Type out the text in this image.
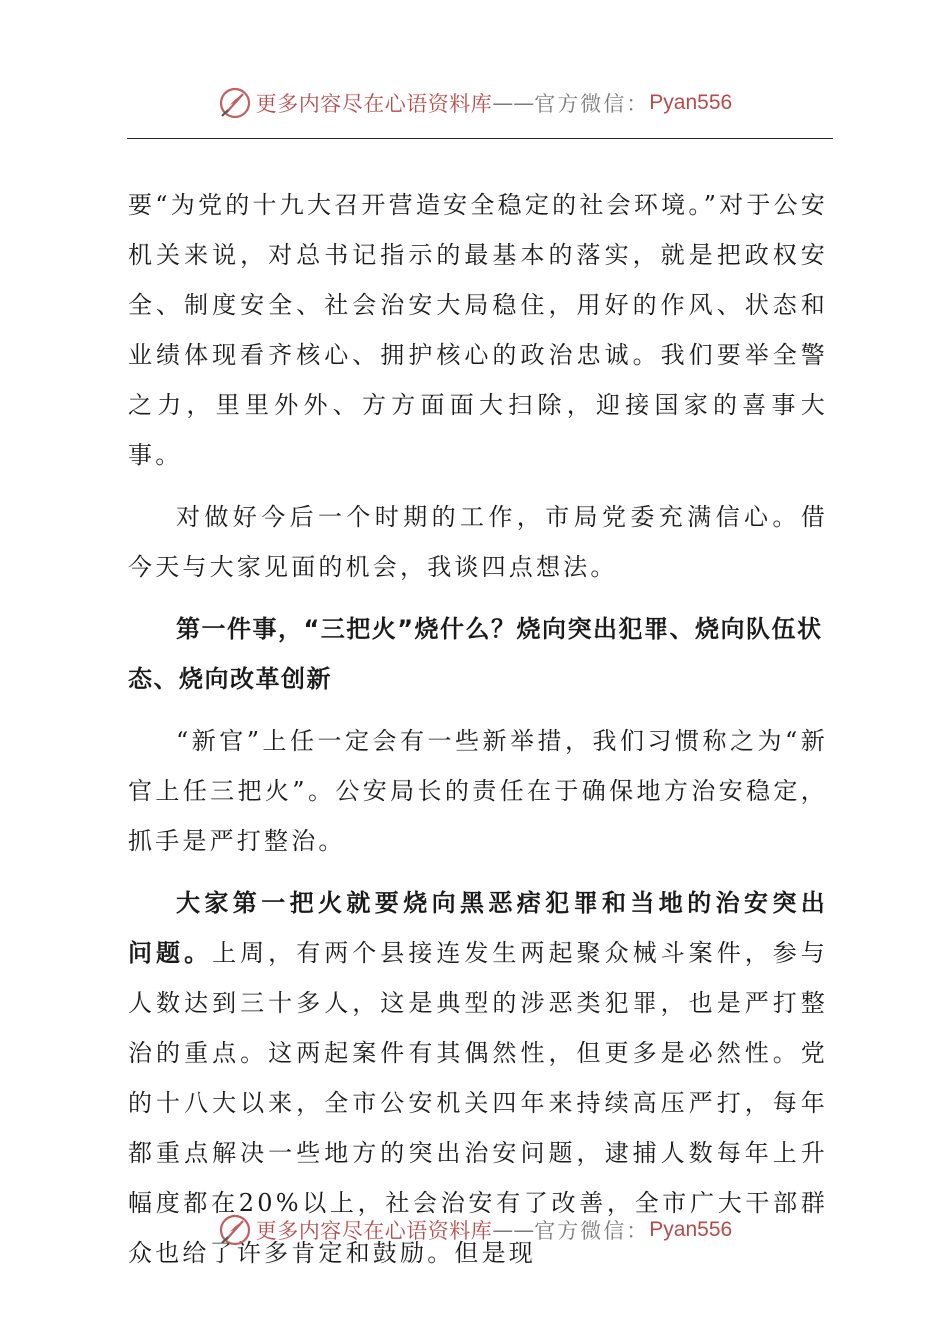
更多内容尽在心语资料库 —— 官方微信： Pyan556

要“为党的十九大召开营造安全稳定的社会环境。”对于公安机关来说，对总书记指示的最基本的落实，就是把政权安全、制度安全、社会治安大局稳住，用好的作风、状态和业绩体现看齐核心、拥护核心的政治忠诚。我们要举全警之力，里里外外、方方面面大扫除，迎接国家的喜事大事。

对做好今后一个时期的工作，市局党委充满信心。借今天与大家见面的机会，我谈四点想法。

第一件事，“三把火”烧什么？烧向突出犯罪、烧向队伍状态、烧向改革创新

“新官”上任一定会有一些新举措，我们习惯称之为“新官上任三把火”。公安局长的责任在于确保地方治安稳定，抓手是严打整治。

大家第一把火就要烧向黑恶痞犯罪和当地的治安突出问题。上周，有两个县接连发生两起聚众械斗案件，参与人数达到三十多人，这是典型的涉恶类犯罪，也是严打整治的重点。这两起案件有其偶然性，但更多是必然性。党的十八大以来，全市公安机关四年来持续高压严打，每年都重点解决一些地方的突出治安问题，逮捕人数每年上升幅度都在20%以上，社会治安有了改善，全市广大干部群众也给了许多肯定和鼓励。但是现

更多内容尽在心语资料库 —— 官方微信： Pyan556
